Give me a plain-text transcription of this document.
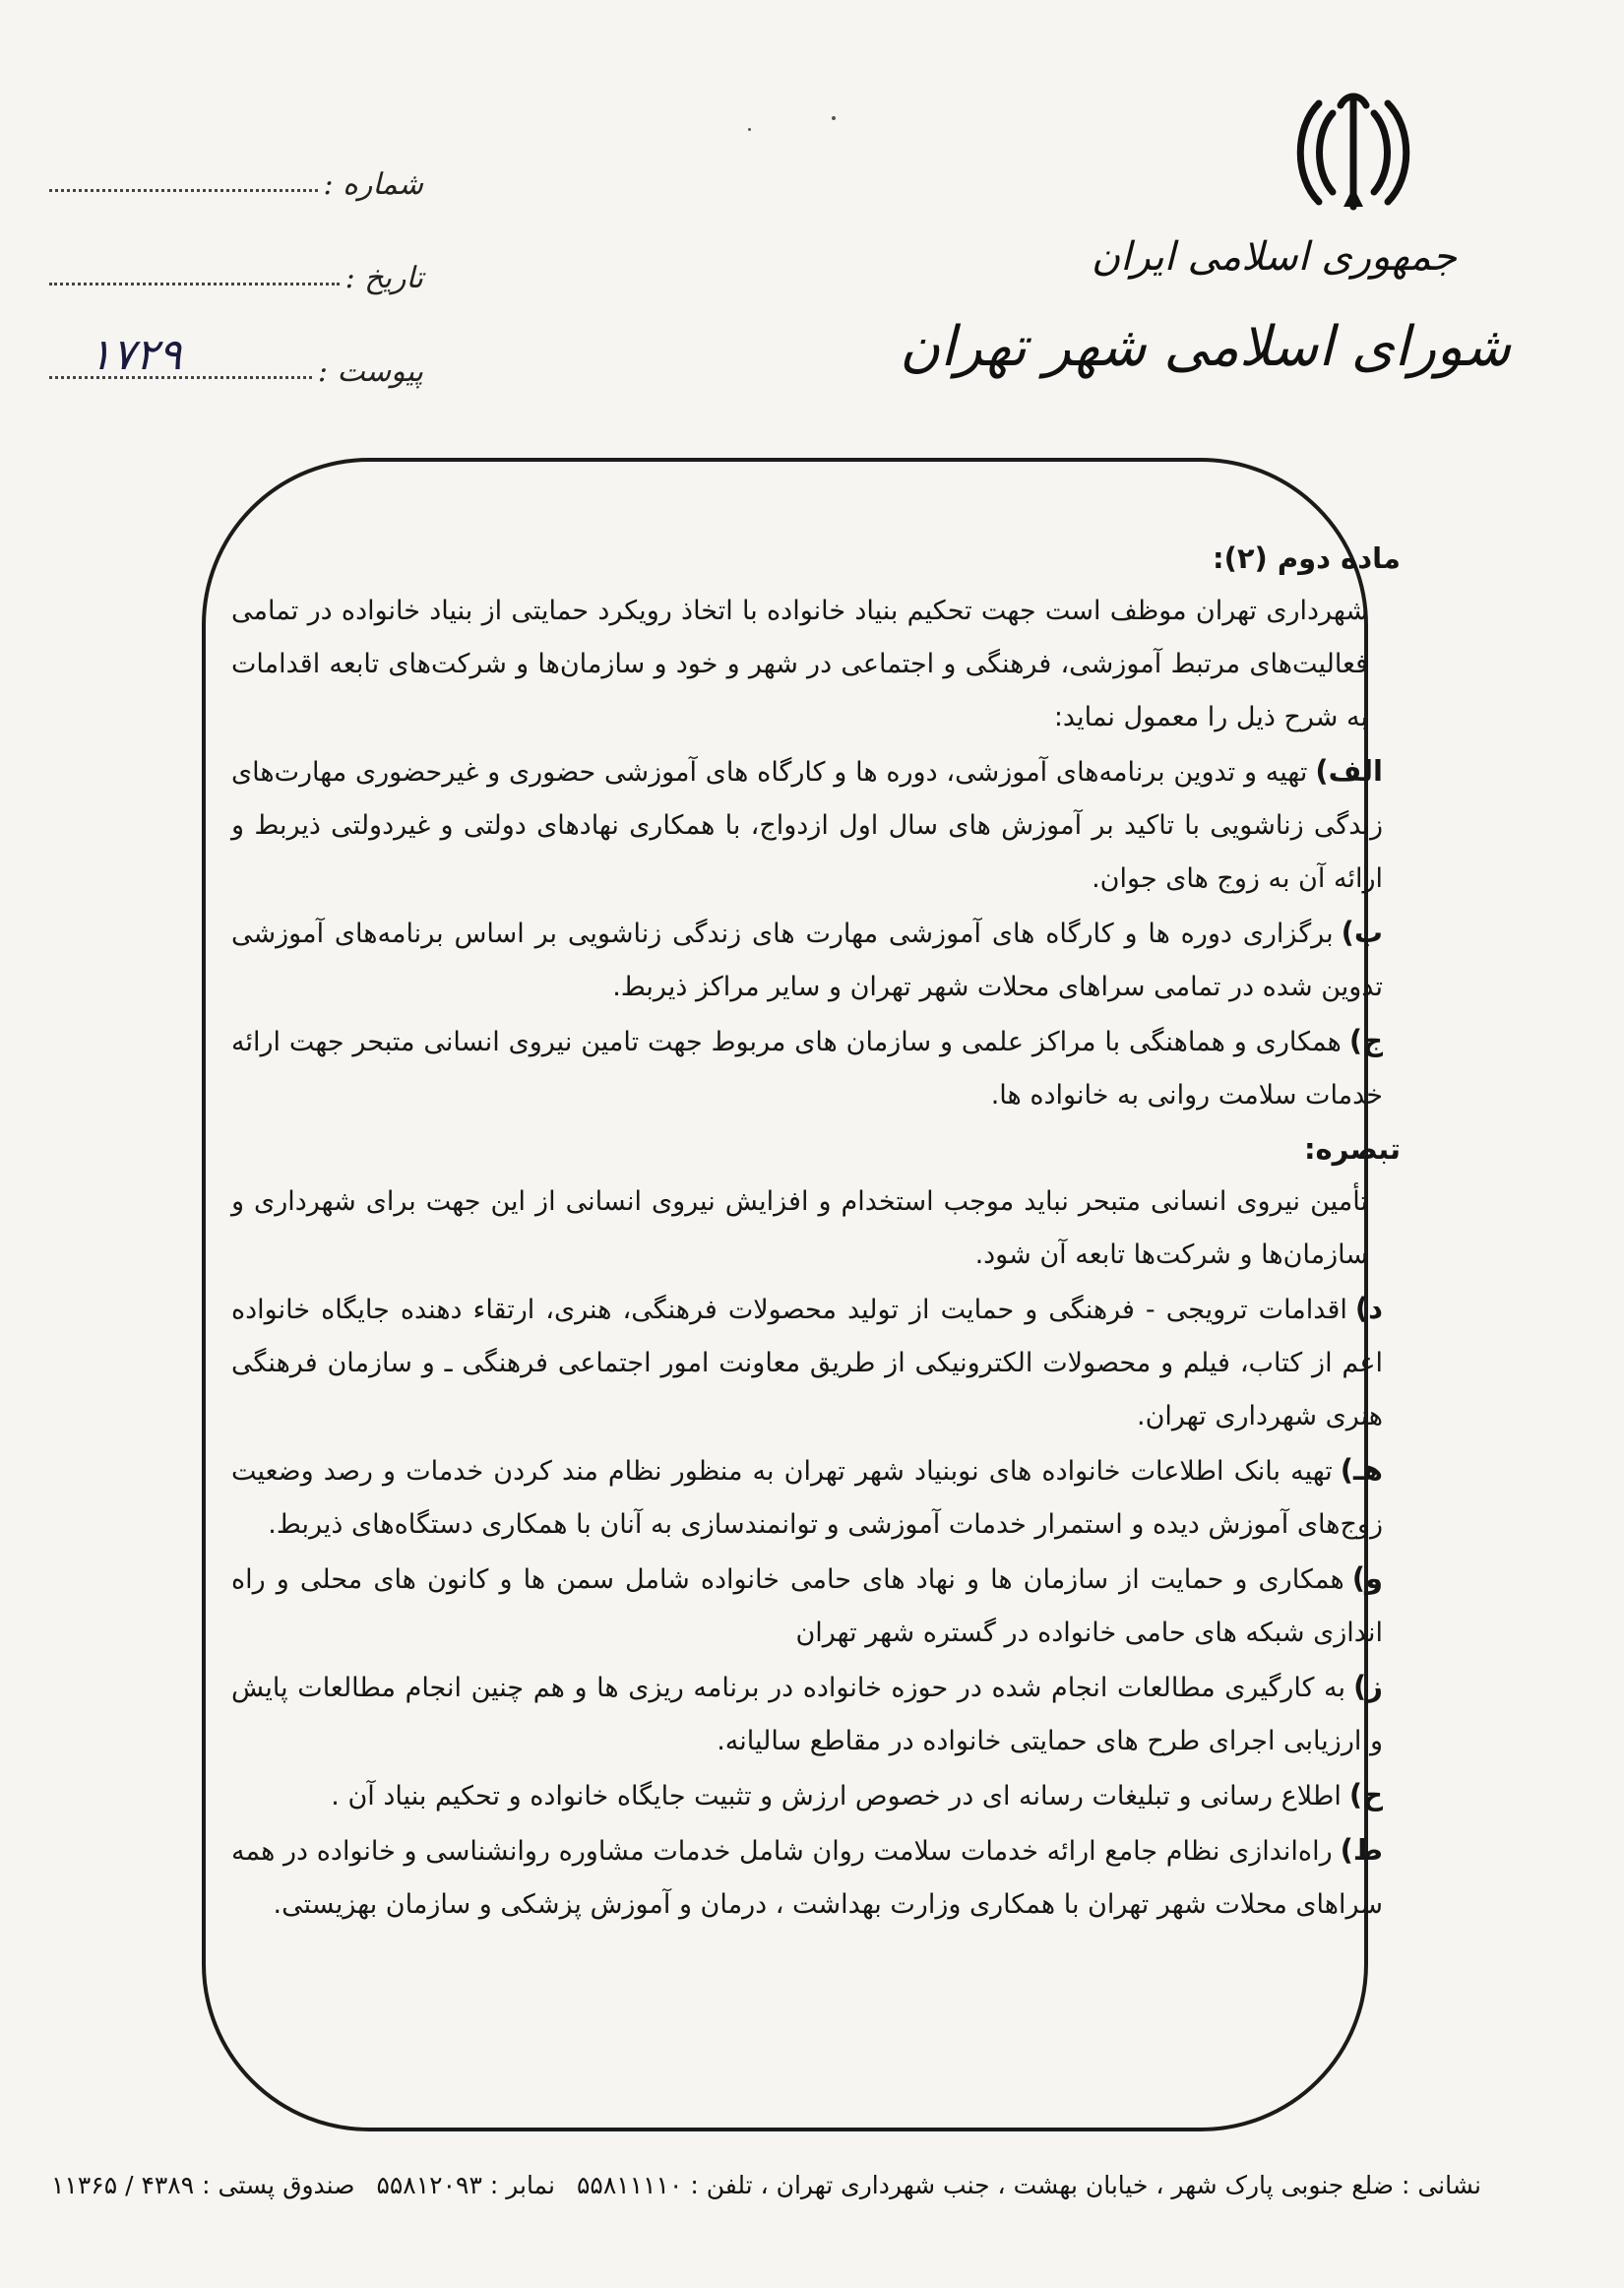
شماره :
تاریخ :
پیوست :
۱۷۲۹
جمهوری اسلامی ایران
شورای اسلامی شهر تهران
ماده دوم (۲):
شهرداری تهران موظف است جهت تحکیم بنیاد خانواده با اتخاذ رویکرد حمایتی از بنیاد خانواده در تمامی فعالیت‌های مرتبط آموزشی، فرهنگی و اجتماعی در شهر و خود و سازمان‌ها و شرکت‌های تابعه اقدامات به شرح ذیل را معمول نماید:
الف)تهیه و تدوین برنامه‌های آموزشی، دوره ها و کارگاه های آموزشی حضوری و غیرحضوری مهارت‌های زندگی زناشویی با تاکید بر آموزش های سال اول ازدواج، با همکاری نهادهای دولتی و غیردولتی ذیربط و ارائه آن به زوج های جوان.
ب)برگزاری دوره ها و کارگاه های آموزشی مهارت های زندگی زناشویی بر اساس برنامه‌های آموزشی تدوین شده در تمامی سراهای محلات شهر تهران و سایر مراکز ذیربط.
ج)همکاری و هماهنگی با مراکز علمی و سازمان های مربوط جهت تامین نیروی انسانی متبحر جهت ارائه خدمات سلامت روانی به خانواده ها.
تبصره:
تأمین نیروی انسانی متبحر نباید موجب استخدام و افزایش نیروی انسانی از این جهت برای شهرداری و سازمان‌ها و شرکت‌ها تابعه آن شود.
د)اقدامات ترویجی - فرهنگی و حمایت از تولید محصولات فرهنگی، هنری، ارتقاء دهنده جایگاه خانواده اعم از کتاب، فیلم و محصولات الکترونیکی از طریق معاونت امور اجتماعی فرهنگی ـ و سازمان فرهنگی هنری شهرداری تهران.
هـ)تهیه بانک اطلاعات خانواده های نوبنیاد شهر تهران به منظور نظام مند کردن خدمات و رصد وضعیت زوج‌های آموزش دیده و استمرار خدمات آموزشی و توانمندسازی به آنان با همکاری دستگاه‌های ذیربط.
و)همکاری و حمایت از سازمان ها و نهاد های حامی خانواده شامل سمن ها و کانون های محلی و راه اندازی شبکه های حامی خانواده در گستره شهر تهران
ز)به کارگیری مطالعات انجام شده در حوزه خانواده در برنامه ریزی ها و هم چنین انجام مطالعات پایش و ارزیابی اجرای طرح های حمایتی خانواده در مقاطع سالیانه.
ح)اطلاع رسانی و تبلیغات رسانه ای در خصوص ارزش و تثبیت جایگاه خانواده و تحکیم بنیاد آن .
ط)راه‌اندازی نظام جامع ارائه خدمات سلامت روان شامل خدمات مشاوره روانشناسی و خانواده در همه سراهای محلات شهر تهران با همکاری وزارت بهداشت ، درمان و آموزش پزشکی و سازمان بهزیستی.
نشانی : ضلع جنوبی پارک شهر ، خیابان بهشت ، جنب شهرداری تهران ، تلفن : ۵۵۸۱۱۱۱۰نمابر : ۵۵۸۱۲۰۹۳صندوق پستی : ۴۳۸۹ / ۱۱۳۶۵
